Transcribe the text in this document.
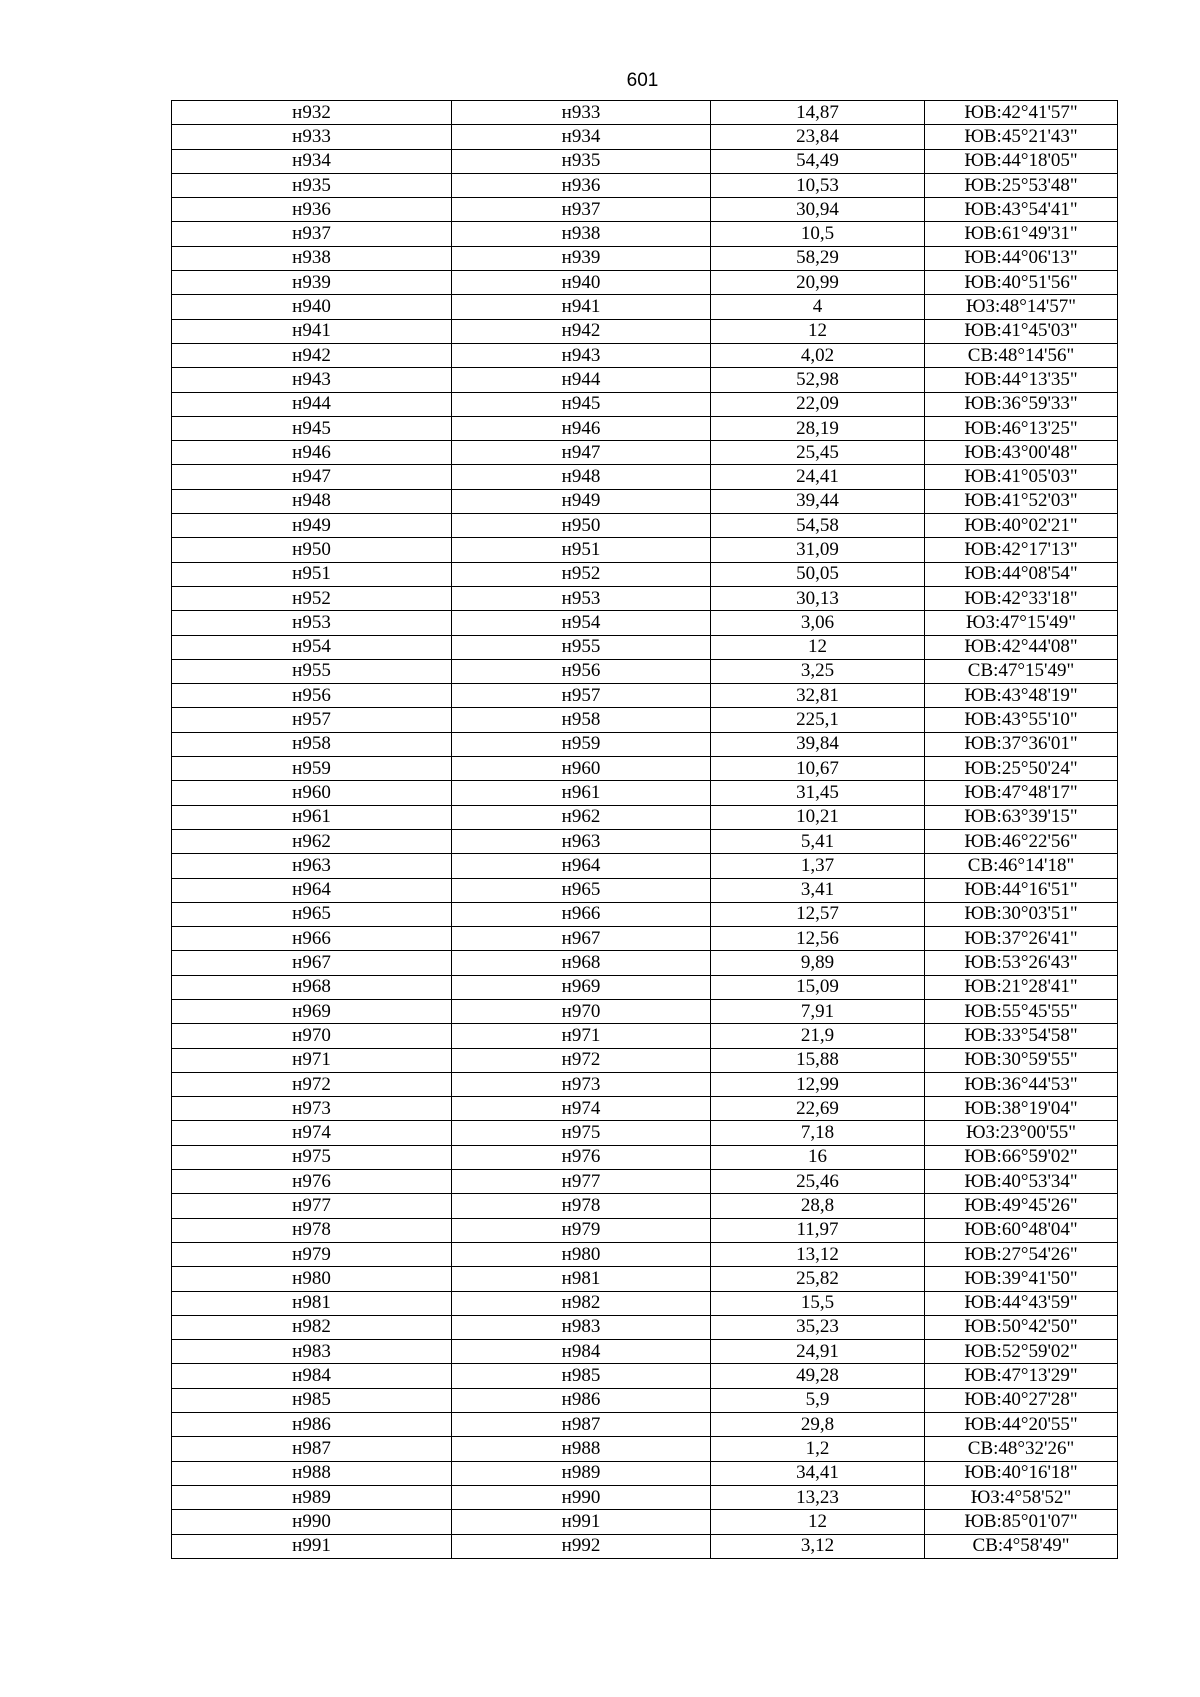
601
н932	н933	14,87	ЮВ:42°41'57"
н933	н934	23,84	ЮВ:45°21'43"
н934	н935	54,49	ЮВ:44°18'05"
н935	н936	10,53	ЮВ:25°53'48"
н936	н937	30,94	ЮВ:43°54'41"
н937	н938	10,5	ЮВ:61°49'31"
н938	н939	58,29	ЮВ:44°06'13"
н939	н940	20,99	ЮВ:40°51'56"
н940	н941	4	ЮЗ:48°14'57"
н941	н942	12	ЮВ:41°45'03"
н942	н943	4,02	СВ:48°14'56"
н943	н944	52,98	ЮВ:44°13'35"
н944	н945	22,09	ЮВ:36°59'33"
н945	н946	28,19	ЮВ:46°13'25"
н946	н947	25,45	ЮВ:43°00'48"
н947	н948	24,41	ЮВ:41°05'03"
н948	н949	39,44	ЮВ:41°52'03"
н949	н950	54,58	ЮВ:40°02'21"
н950	н951	31,09	ЮВ:42°17'13"
н951	н952	50,05	ЮВ:44°08'54"
н952	н953	30,13	ЮВ:42°33'18"
н953	н954	3,06	ЮЗ:47°15'49"
н954	н955	12	ЮВ:42°44'08"
н955	н956	3,25	СВ:47°15'49"
н956	н957	32,81	ЮВ:43°48'19"
н957	н958	225,1	ЮВ:43°55'10"
н958	н959	39,84	ЮВ:37°36'01"
н959	н960	10,67	ЮВ:25°50'24"
н960	н961	31,45	ЮВ:47°48'17"
н961	н962	10,21	ЮВ:63°39'15"
н962	н963	5,41	ЮВ:46°22'56"
н963	н964	1,37	СВ:46°14'18"
н964	н965	3,41	ЮВ:44°16'51"
н965	н966	12,57	ЮВ:30°03'51"
н966	н967	12,56	ЮВ:37°26'41"
н967	н968	9,89	ЮВ:53°26'43"
н968	н969	15,09	ЮВ:21°28'41"
н969	н970	7,91	ЮВ:55°45'55"
н970	н971	21,9	ЮВ:33°54'58"
н971	н972	15,88	ЮВ:30°59'55"
н972	н973	12,99	ЮВ:36°44'53"
н973	н974	22,69	ЮВ:38°19'04"
н974	н975	7,18	ЮЗ:23°00'55"
н975	н976	16	ЮВ:66°59'02"
н976	н977	25,46	ЮВ:40°53'34"
н977	н978	28,8	ЮВ:49°45'26"
н978	н979	11,97	ЮВ:60°48'04"
н979	н980	13,12	ЮВ:27°54'26"
н980	н981	25,82	ЮВ:39°41'50"
н981	н982	15,5	ЮВ:44°43'59"
н982	н983	35,23	ЮВ:50°42'50"
н983	н984	24,91	ЮВ:52°59'02"
н984	н985	49,28	ЮВ:47°13'29"
н985	н986	5,9	ЮВ:40°27'28"
н986	н987	29,8	ЮВ:44°20'55"
н987	н988	1,2	СВ:48°32'26"
н988	н989	34,41	ЮВ:40°16'18"
н989	н990	13,23	ЮЗ:4°58'52"
н990	н991	12	ЮВ:85°01'07"
н991	н992	3,12	СВ:4°58'49"
